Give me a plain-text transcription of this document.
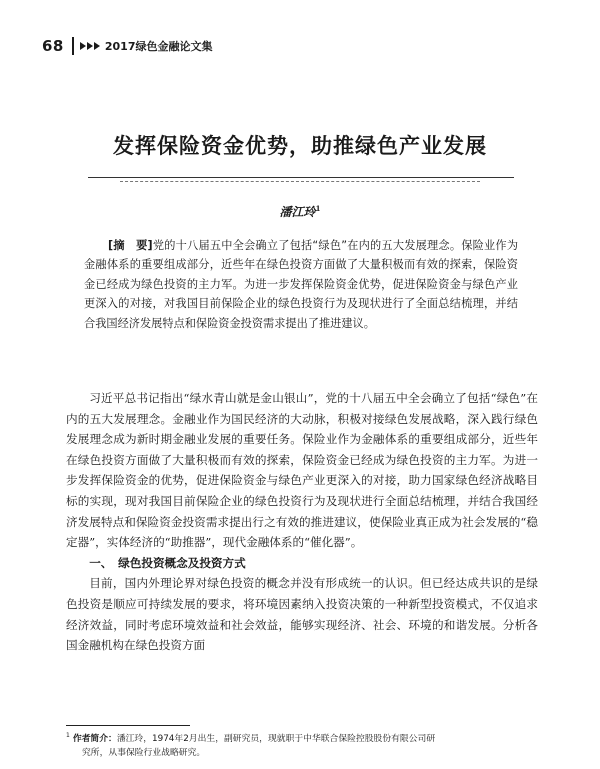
68	2017绿色金融论文集
发挥保险资金优势，助推绿色产业发展
潘江玲$^1$
[摘　要]党的十八届五中全会确立了包括“绿色”在内的五大发展理念。保险业作为金融体系的重要组成部分，近些年在绿色投资方面做了大量积极而有效的探索，保险资金已经成为绿色投资的主力军。为进一步发挥保险资金优势，促进保险资金与绿色产业更深入的对接，对我国目前保险企业的绿色投资行为及现状进行了全面总结梳理，并结合我国经济发展特点和保险资金投资需求提出了推进建议。

习近平总书记指出“绿水青山就是金山银山”，党的十八届五中全会确立了包括“绿色”在内的五大发展理念。金融业作为国民经济的大动脉，积极对接绿色发展战略，深入践行绿色发展理念成为新时期金融业发展的重要任务。保险业作为金融体系的重要组成部分，近些年在绿色投资方面做了大量积极而有效的探索，保险资金已经成为绿色投资的主力军。为进一步发挥保险资金的优势，促进保险资金与绿色产业更深入的对接，助力国家绿色经济战略目标的实现，现对我国目前保险企业的绿色投资行为及现状进行全面总结梳理，并结合我国经济发展特点和保险资金投资需求提出行之有效的推进建议，使保险业真正成为社会发展的“稳定器”，实体经济的“助推器”，现代金融体系的“催化器”。

一、　绿色投资概念及投资方式

目前，国内外理论界对绿色投资的概念并没有形成统一的认识。但已经达成共识的是绿色投资是顺应可持续发展的要求，将环境因素纳入投资决策的一种新型投资模式，不仅追求经济效益，同时考虑环境效益和社会效益，能够实现经济、社会、环境的和谐发展。分析各国金融机构在绿色投资方面

$^1$ 作者简介：潘江玲，1974年2月出生，副研究员，现就职于中华联合保险控股股份有限公司研
究所，从事保险行业战略研究。
